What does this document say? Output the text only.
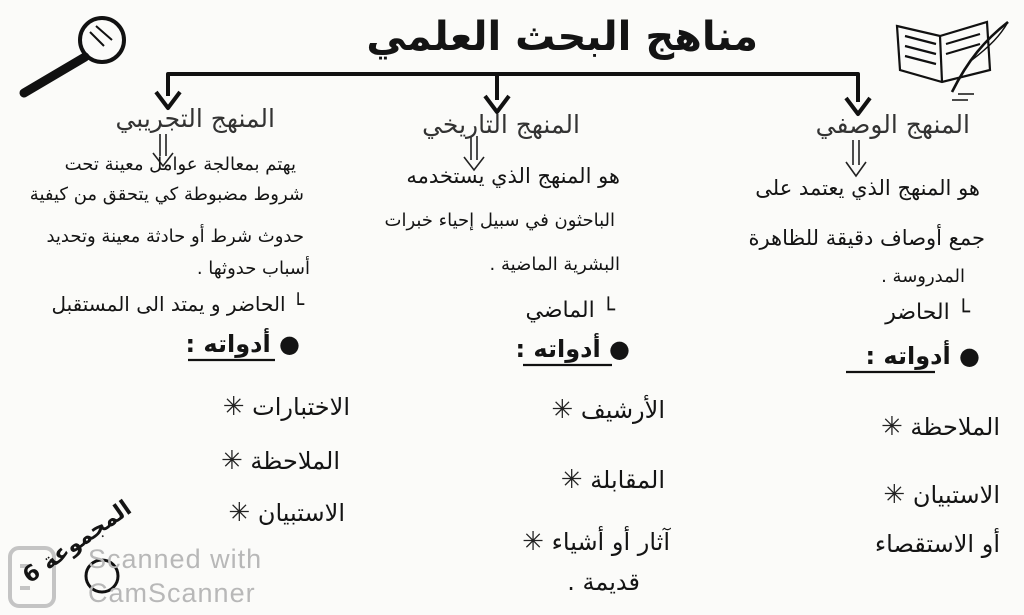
مناهج البحث العلمي
المنهج الوصفي
هو المنهج الذي يعتمد على
جمع أوصاف دقيقة للظاهرة
المدروسة .
└ الحاضر
● أدواته :
الملاحظة ✳
الاستبيان ✳
أو الاستقصاء
المنهج التاريخي
هو المنهج الذي يستخدمه
الباحثون في سبيل إحياء خبرات
البشرية الماضية .
└ الماضي
● أدواته :
الأرشيف ✳
المقابلة ✳
آثار أو أشياء ✳
قديمة .
المنهج التجريبي
يهتم بمعالجة عوامل معينة تحت
شروط مضبوطة كي يتحقق من كيفية
حدوث شرط أو حادثة معينة وتحديد
أسباب حدوثها .
└ الحاضر و يمتد الى المستقبل
● أدواته :
الاختبارات ✳
الملاحظة ✳
الاستبيان ✳
المجموعة 6
Scanned with
CamScanner
